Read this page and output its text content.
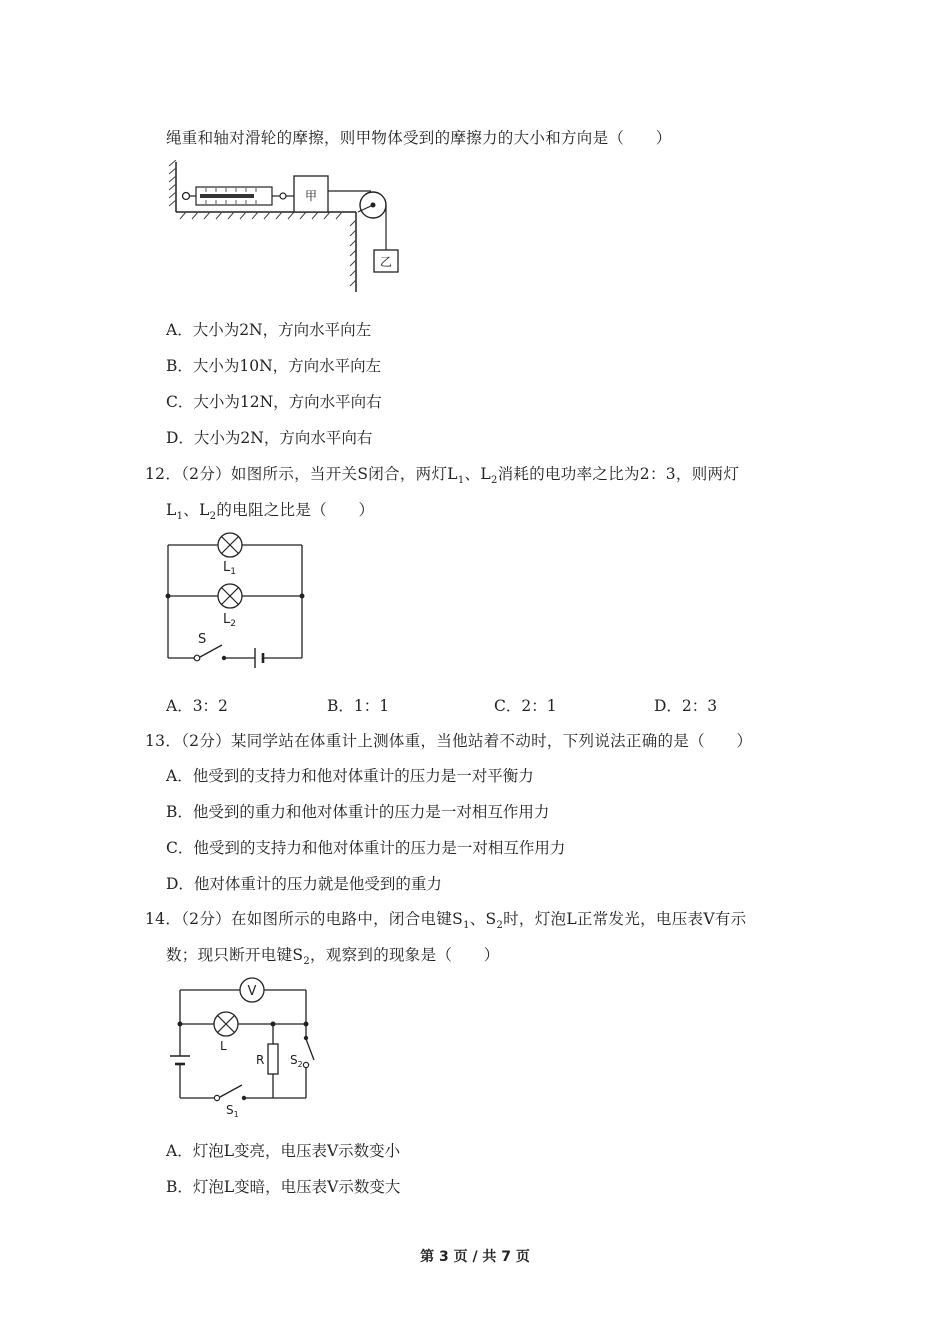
绳重和轴对滑轮的摩擦，则甲物体受到的摩擦力的大小和方向是（　　）
甲
乙
A．大小为2N，方向水平向左
B．大小为10N，方向水平向左
C．大小为12N，方向水平向右
D．大小为2N，方向水平向右
12．（2分）如图所示，当开关S闭合，两灯$L_1$、$L_2$消耗的电功率之比为2：3，则两灯
$L_1$、$L_2$的电阻之比是（　　）
$L_1$
$L_2$
S
A．3：2	B．1：1	C．2：1	D．2：3
13．（2分）某同学站在体重计上测体重，当他站着不动时，下列说法正确的是（　　）
A．他受到的支持力和他对体重计的压力是一对平衡力
B．他受到的重力和他对体重计的压力是一对相互作用力
C．他受到的支持力和他对体重计的压力是一对相互作用力
D．他对体重计的压力就是他受到的重力
14．（2分）在如图所示的电路中，闭合电键$S_1$、$S_2$时，灯泡L正常发光，电压表V有示
数；现只断开电键$S_2$，观察到的现象是（　　）
V
L
R $S_2$
$S_1$
A．灯泡L变亮，电压表V示数变小
B．灯泡L变暗，电压表V示数变大
第 3 页 / 共 7 页
